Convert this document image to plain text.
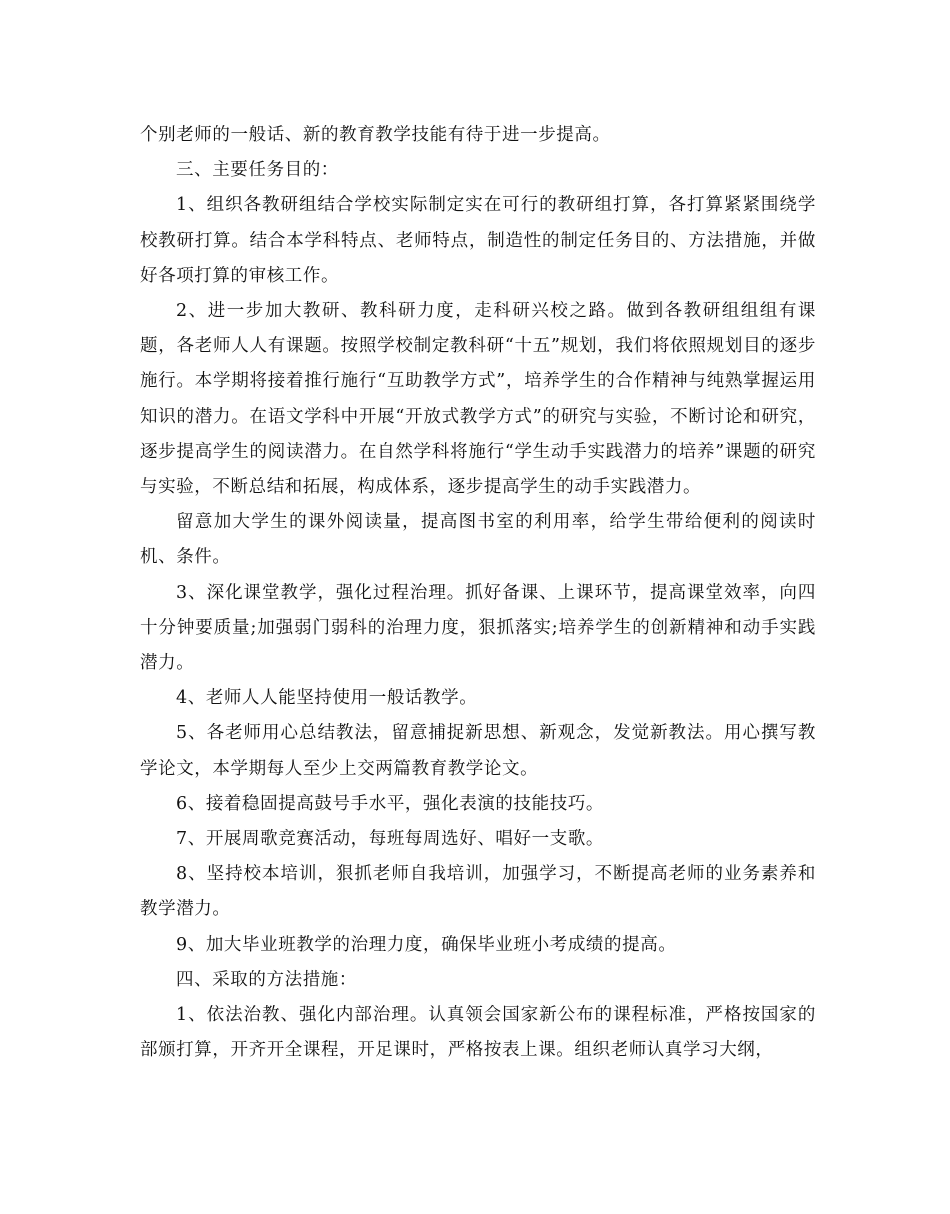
个别老师的一般话、新的教育教学技能有待于进一步提高。

三、主要任务目的：

1、组织各教研组结合学校实际制定实在可行的教研组打算，各打算紧紧围绕学校教研打算。结合本学科特点、老师特点，制造性的制定任务目的、方法措施，并做好各项打算的审核工作。

2、进一步加大教研、教科研力度，走科研兴校之路。做到各教研组组组有课题，各老师人人有课题。按照学校制定教科研“十五”规划，我们将依照规划目的逐步施行。本学期将接着推行施行“互助教学方式”，培养学生的合作精神与纯熟掌握运用知识的潜力。在语文学科中开展“开放式教学方式”的研究与实验，不断讨论和研究，逐步提高学生的阅读潜力。在自然学科将施行“学生动手实践潜力的培养”课题的研究与实验，不断总结和拓展，构成体系，逐步提高学生的动手实践潜力。

留意加大学生的课外阅读量，提高图书室的利用率，给学生带给便利的阅读时机、条件。

3、深化课堂教学，强化过程治理。抓好备课、上课环节，提高课堂效率，向四十分钟要质量;加强弱门弱科的治理力度，狠抓落实;培养学生的创新精神和动手实践潜力。

4、老师人人能坚持使用一般话教学。

5、各老师用心总结教法，留意捕捉新思想、新观念，发觉新教法。用心撰写教学论文，本学期每人至少上交两篇教育教学论文。

6、接着稳固提高鼓号手水平，强化表演的技能技巧。

7、开展周歌竞赛活动，每班每周选好、唱好一支歌。

8、坚持校本培训，狠抓老师自我培训，加强学习，不断提高老师的业务素养和教学潜力。

9、加大毕业班教学的治理力度，确保毕业班小考成绩的提高。

四、采取的方法措施：

1、依法治教、强化内部治理。认真领会国家新公布的课程标准，严格按国家的部颁打算，开齐开全课程，开足课时，严格按表上课。组织老师认真学习大纲，
